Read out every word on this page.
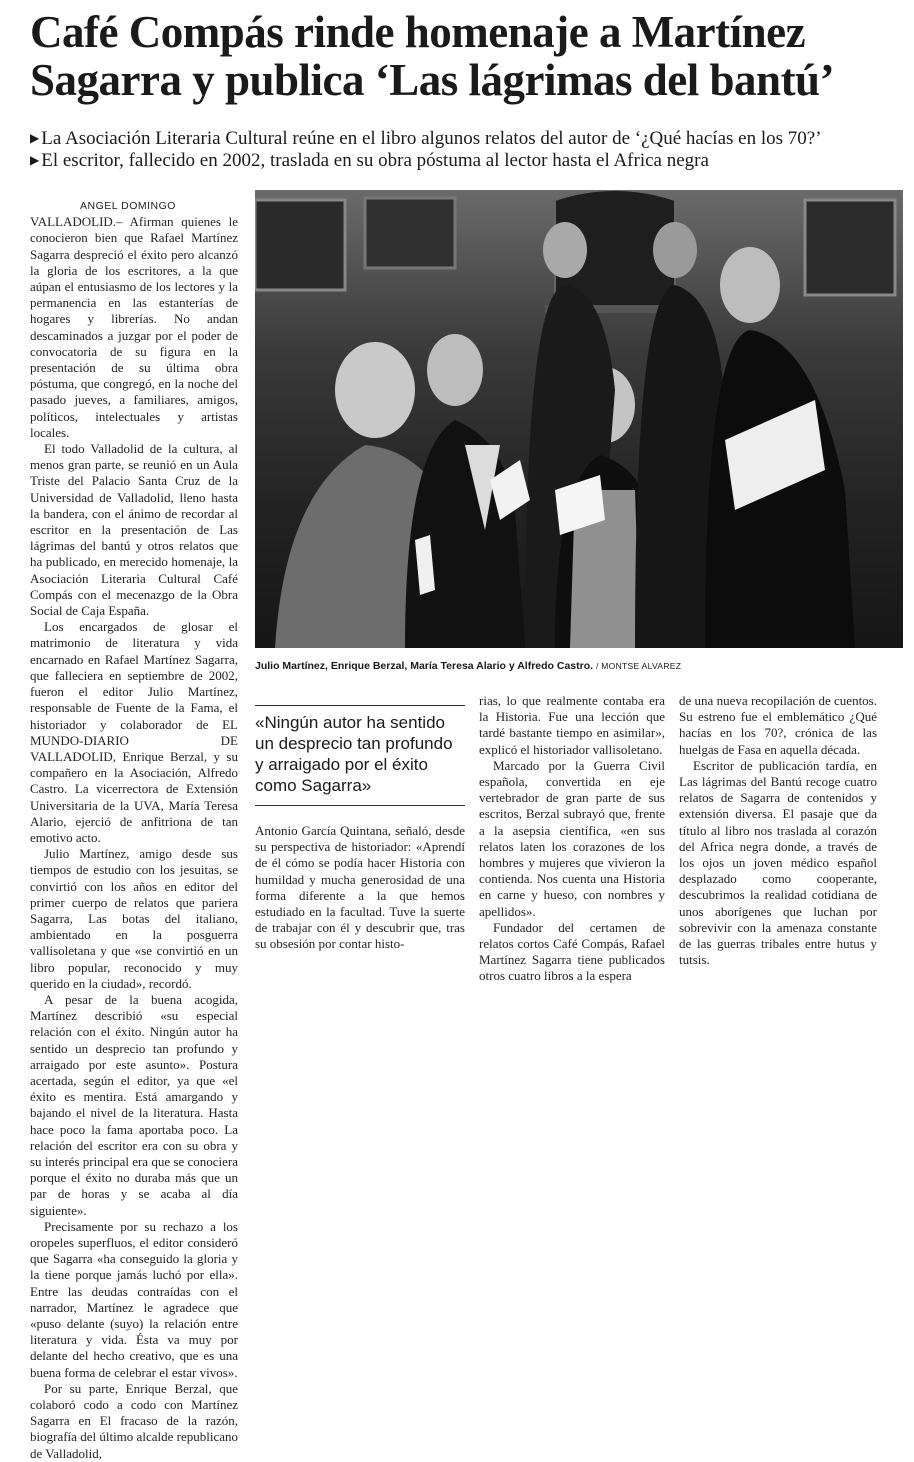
Café Compás rinde homenaje a Martínez Sagarra y publica ‘Las lágrimas del bantú’
▶ La Asociación Literaria Cultural reúne en el libro algunos relatos del autor de ‘¿Qué hacías en los 70?’
▶ El escritor, fallecido en 2002, traslada en su obra póstuma al lector hasta el Africa negra

ANGEL DOMINGO

VALLADOLID.– Afirman quienes le conocieron bien que Rafael Martínez Sagarra despreció el éxito pero alcanzó la gloria de los escritores, a la que aúpan el entusiasmo de los lectores y la permanencia en las estanterías de hogares y librerías. No andan descaminados a juzgar por el poder de convocatoria de su figura en la presentación de su última obra póstuma, que congregó, en la noche del pasado jueves, a familiares, amigos, políticos, intelectuales y artistas locales.

El todo Valladolid de la cultura, al menos gran parte, se reunió en un Aula Triste del Palacio Santa Cruz de la Universidad de Valladolid, lleno hasta la bandera, con el ánimo de recordar al escritor en la presentación de Las lágrimas del bantú y otros relatos que ha publicado, en merecido homenaje, la Asociación Literaria Cultural Café Compás con el mecenazgo de la Obra Social de Caja España.

Los encargados de glosar el matrimonio de literatura y vida encarnado en Rafael Martínez Sagarra, que falleciera en septiembre de 2002, fueron el editor Julio Martínez, responsable de Fuente de la Fama, el historiador y colaborador de EL MUNDO-DIARIO DE VALLADOLID, Enrique Berzal, y su compañero en la Asociación, Alfredo Castro. La vicerrectora de Extensión Universitaria de la UVA, María Teresa Alario, ejerció de anfitriona de tan emotivo acto.

Julio Martínez, amigo desde sus tiempos de estudio con los jesuitas, se convirtió con los años en editor del primer cuerpo de relatos que pariera Sagarra, Las botas del italiano, ambientado en la posguerra vallisoletana y que «se convirtió en un libro popular, reconocido y muy querido en la ciudad», recordó.

A pesar de la buena acogida, Martínez describió «su especial relación con el éxito. Ningún autor ha sentido un desprecio tan profundo y arraigado por este asunto». Postura acertada, según el editor, ya que «el éxito es mentira. Está amargando y bajando el nivel de la literatura. Hasta hace poco la fama aportaba poco. La relación del escritor era con su obra y su interés principal era que se conociera porque el éxito no duraba más que un par de horas y se acaba al día siguiente».

Precisamente por su rechazo a los oropeles superfluos, el editor consideró que Sagarra «ha conseguido la gloria y la tiene porque jamás luchó por ella». Entre las deudas contraídas con el narrador, Martínez le agradece que «puso delante (suyo) la relación entre literatura y vida. Ésta va muy por delante del hecho creativo, que es una buena forma de celebrar el estar vivos».

Por su parte, Enrique Berzal, que colaboró codo a codo con Martínez Sagarra en El fracaso de la razón, biografía del último alcalde republicano de Valladolid,

Julio Martínez, Enrique Berzal, María Teresa Alario y Alfredo Castro. / MONTSE ALVAREZ
«Ningún autor ha sentido un desprecio tan profundo y arraigado por el éxito como Sagarra»

Antonio García Quintana, señaló, desde su perspectiva de historiador: «Aprendí de él cómo se podía hacer Historia con humildad y mucha generosidad de una forma diferente a la que hemos estudiado en la facultad. Tuve la suerte de trabajar con él y descubrir que, tras su obsesión por contar histo-

rias, lo que realmente contaba era la Historia. Fue una lección que tardé bastante tiempo en asimilar», explicó el historiador vallisoletano.

Marcado por la Guerra Civil española, convertida en eje vertebrador de gran parte de sus escritos, Berzal subrayó que, frente a la asepsia científica, «en sus relatos laten los corazones de los hombres y mujeres que vivieron la contienda. Nos cuenta una Historia en carne y hueso, con nombres y apellidos».

Fundador del certamen de relatos cortos Café Compás, Rafael Martínez Sagarra tiene publicados otros cuatro libros a la espera

de una nueva recopilación de cuentos. Su estreno fue el emblemático ¿Qué hacías en los 70?, crónica de las huelgas de Fasa en aquella década.

Escritor de publicación tardía, en Las lágrimas del Bantú recoge cuatro relatos de Sagarra de contenidos y extensión diversa. El pasaje que da título al libro nos traslada al corazón del Africa negra donde, a través de los ojos un joven médico español desplazado como cooperante, descubrimos la realidad cotidiana de unos aborígenes que luchan por sobrevivir con la amenaza constante de las guerras tribales entre hutus y tutsis.
